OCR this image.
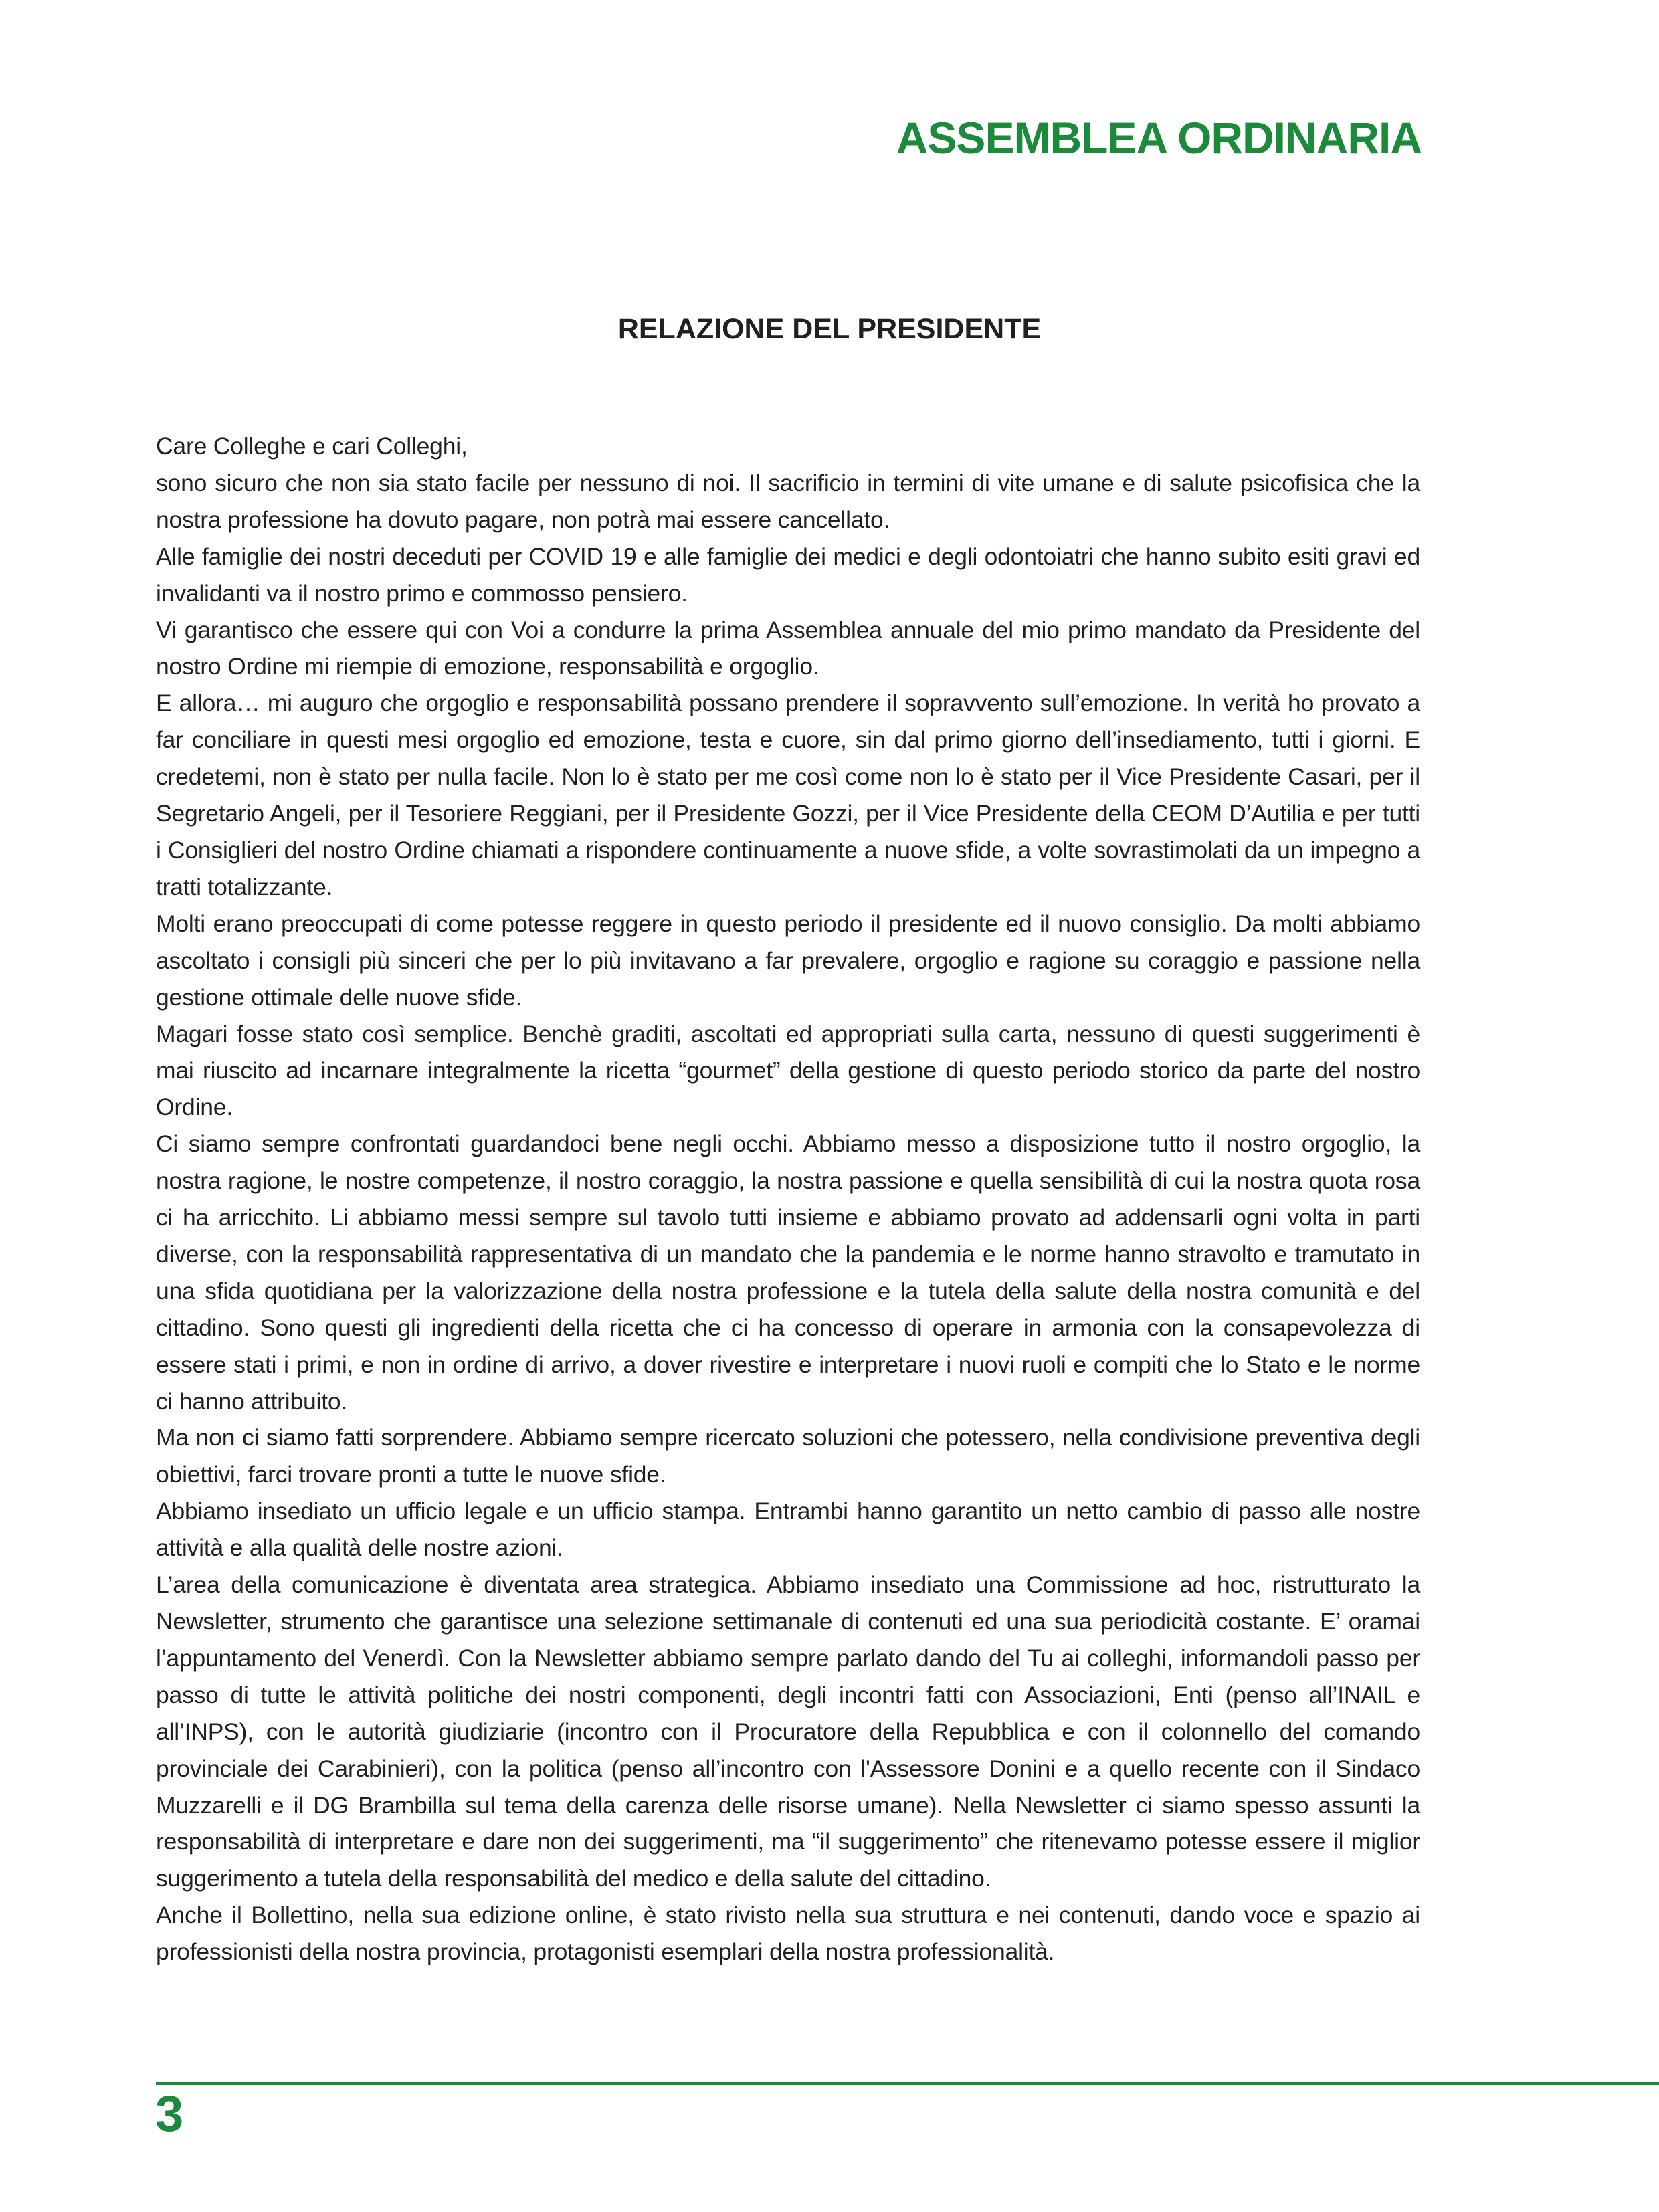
ASSEMBLEA ORDINARIA
RELAZIONE DEL PRESIDENTE

Care Colleghe e cari Colleghi,

sono sicuro che non sia stato facile per nessuno di noi. Il sacrificio in termini di vite umane e di salute psicofisica che la nostra professione ha dovuto pagare, non potrà mai essere cancellato.

Alle famiglie dei nostri deceduti per COVID 19 e alle famiglie dei medici e degli odontoiatri che hanno subito esiti gravi ed invalidanti va il nostro primo e commosso pensiero.

Vi garantisco che essere qui con Voi a condurre la prima Assemblea annuale del mio primo mandato da Presidente del nostro Ordine mi riempie di emozione, responsabilità e orgoglio.

E allora… mi auguro che orgoglio e responsabilità possano prendere il sopravvento sull’emozione. In verità ho provato a far conciliare in questi mesi orgoglio ed emozione, testa e cuore, sin dal primo giorno dell’insediamento, tutti i giorni. E credetemi, non è stato per nulla facile. Non lo è stato per me così come non lo è stato per il Vice Presidente Casari, per il Segretario Angeli, per il Tesoriere Reggiani, per il Presidente Gozzi, per il Vice Presidente della CEOM D’Autilia e per tutti i Consiglieri del nostro Ordine chiamati a rispondere continuamente a nuove sfide, a volte sovrastimolati da un impegno a tratti totalizzante.

Molti erano preoccupati di come potesse reggere in questo periodo il presidente ed il nuovo consiglio. Da molti abbiamo ascoltato i consigli più sinceri che per lo più invitavano a far prevalere, orgoglio e ragione su coraggio e passione nella gestione ottimale delle nuove sfide.

Magari fosse stato così semplice. Benchè graditi, ascoltati ed appropriati sulla carta, nessuno di questi suggerimenti è mai riuscito ad incarnare integralmente la ricetta “gourmet” della gestione di questo periodo storico da parte del nostro Ordine.

Ci siamo sempre confrontati guardandoci bene negli occhi. Abbiamo messo a disposizione tutto il nostro orgoglio, la nostra ragione, le nostre competenze, il nostro coraggio, la nostra passione e quella sensibilità di cui la nostra quota rosa ci ha arricchito. Li abbiamo messi sempre sul tavolo tutti insieme e abbiamo provato ad addensarli ogni volta in parti diverse, con la responsabilità rappresentativa di un mandato che la pandemia e le norme hanno stravolto e tramutato in una sfida quotidiana per la valorizzazione della nostra professione e la tutela della salute della nostra comunità e del cittadino. Sono questi gli ingredienti della ricetta che ci ha concesso di operare in armonia con la consapevolezza di essere stati i primi, e non in ordine di arrivo, a dover rivestire e interpretare i nuovi ruoli e compiti che lo Stato e le norme ci hanno attribuito.

Ma non ci siamo fatti sorprendere. Abbiamo sempre ricercato soluzioni che potessero, nella condivisione preventiva degli obiettivi, farci trovare pronti a tutte le nuove sfide.

Abbiamo insediato un ufficio legale e un ufficio stampa. Entrambi hanno garantito un netto cambio di passo alle nostre attività e alla qualità delle nostre azioni.

L’area della comunicazione è diventata area strategica. Abbiamo insediato una Commissione ad hoc, ristrutturato la Newsletter, strumento che garantisce una selezione settimanale di contenuti ed una sua periodicità costante. E’ oramai l’appuntamento del Venerdì. Con la Newsletter abbiamo sempre parlato dando del Tu ai colleghi, informandoli passo per passo di tutte le attività politiche dei nostri componenti, degli incontri fatti con Associazioni, Enti (penso all’INAIL e all’INPS), con le autorità giudiziarie (incontro con il Procuratore della Repubblica e con il colonnello del comando provinciale dei Carabinieri), con la politica (penso all’incontro con l'Assessore Donini e a quello recente con il Sindaco Muzzarelli e il DG Brambilla sul tema della carenza delle risorse umane). Nella Newsletter ci siamo spesso assunti la responsabilità di interpretare e dare non dei suggerimenti, ma “il suggerimento” che ritenevamo potesse essere il miglior suggerimento a tutela della responsabilità del medico e della salute del cittadino.

Anche il Bollettino, nella sua edizione online, è stato rivisto nella sua struttura e nei contenuti, dando voce e spazio ai professionisti della nostra provincia, protagonisti esemplari della nostra professionalità.

3
